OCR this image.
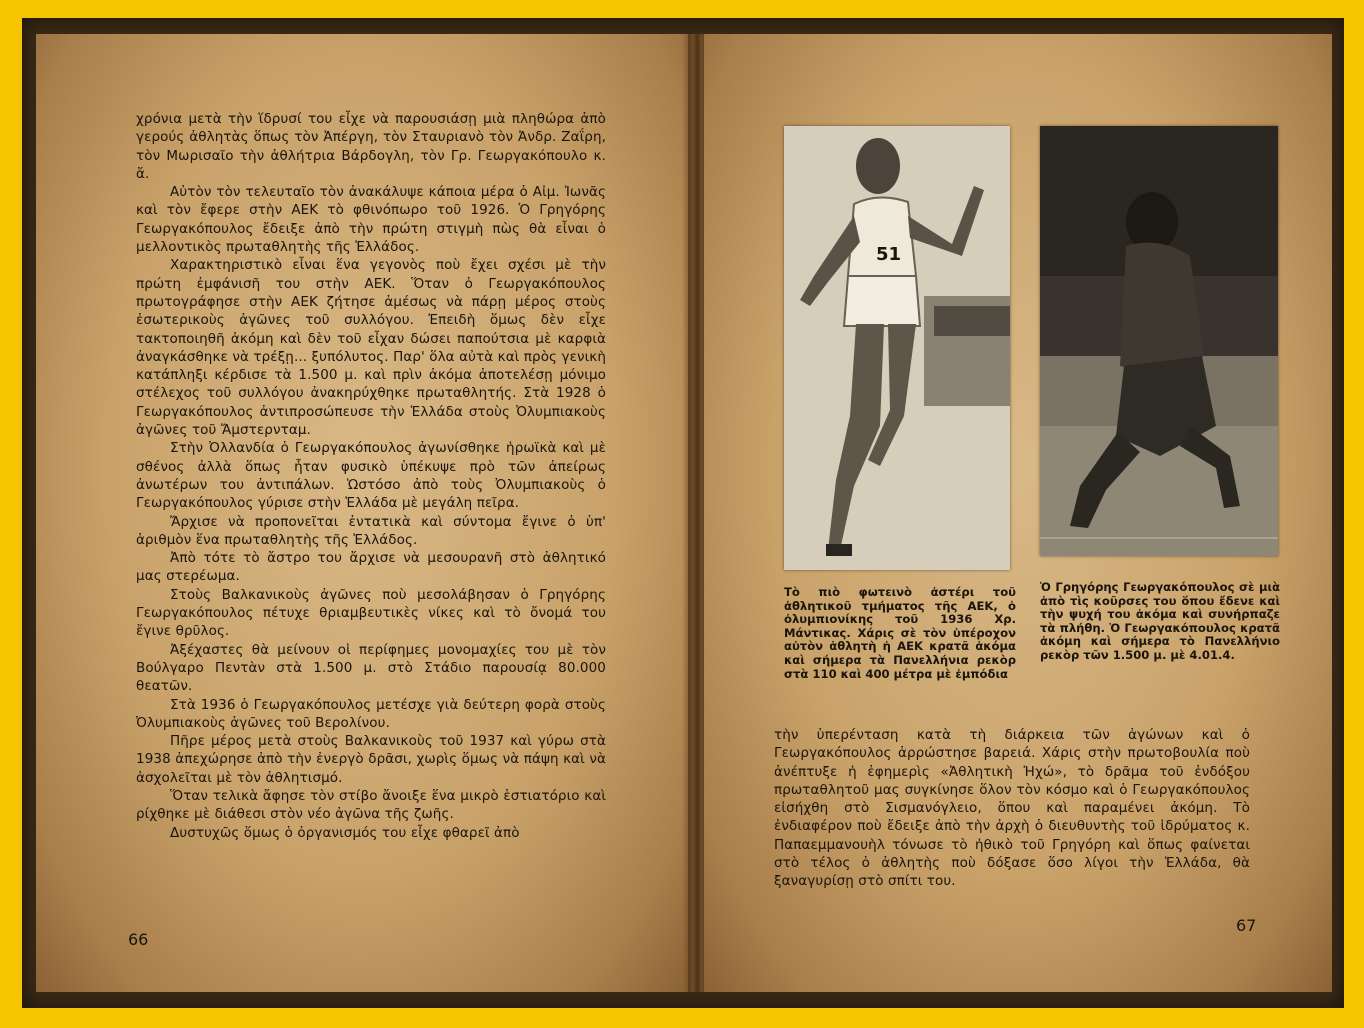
χρόνια μετὰ τὴν ἵδρυσί του εἶχε νὰ παρουσιάσῃ μιὰ πληθώρα ἀπὸ γερούς ἀθλητὰς ὅπως τὸν Ἀπέργη, τὸν Σταυριανὸ τὸν Ἀνδρ. Ζαΐρη, τὸν Μωρισαῖο τὴν ἀθλήτρια Βάρδογλη, τὸν Γρ. Γεωργακόπουλο κ. ἄ.

Αὐτὸν τὸν τελευταῖο τὸν ἀνακάλυψε κάποια μέρα ὁ Αἰμ. Ἰωνᾶς καὶ τὸν ἔφερε στὴν ΑΕΚ τὸ φθινόπωρο τοῦ 1926. Ὁ Γρηγόρης Γεωργακόπουλος ἔδειξε ἀπὸ τὴν πρώτη στιγμὴ πὼς θὰ εἶναι ὁ μελλοντικὸς πρωταθλητὴς τῆς Ἑλλάδος.

Χαρακτηριστικὸ εἶναι ἕνα γεγονὸς ποὺ ἔχει σχέσι μὲ τὴν πρώτη ἐμφάνισῆ του στὴν ΑΕΚ. Ὅταν ὁ Γεωργακόπουλος πρωτογράφησε στὴν ΑΕΚ ζήτησε ἀμέσως νὰ πάρῃ μέρος στοὺς ἐσωτερικοὺς ἀγῶνες τοῦ συλλόγου. Ἐπειδὴ ὅμως δὲν εἶχε τακτοποιηθῆ ἀκόμη καὶ δὲν τοῦ εἶχαν δώσει παπούτσια μὲ καρφιὰ ἀναγκάσθηκε νὰ τρέξῃ... ξυπόλυτος. Παρ' ὅλα αὐτὰ καὶ πρὸς γενικὴ κατάπληξι κέρδισε τὰ 1.500 μ. καὶ πρὶν ἀκόμα ἀποτελέσῃ μόνιμο στέλεχος τοῦ συλλόγου ἀνακηρύχθηκε πρωταθλητής. Στὰ 1928 ὁ Γεωργακόπουλος ἀντιπροσώπευσε τὴν Ἑλλάδα στοὺς Ὀλυμπιακοὺς ἀγῶνες τοῦ Ἄμστερνταμ.

Στὴν Ὀλλανδία ὁ Γεωργακόπουλος ἀγωνίσθηκε ἡρωϊκὰ καὶ μὲ σθένος ἀλλὰ ὅπως ἦταν φυσικὸ ὑπέκυψε πρὸ τῶν ἀπείρως ἀνωτέρων του ἀντιπάλων. Ὡστόσο ἀπὸ τοὺς Ὀλυμπιακοὺς ὁ Γεωργακόπουλος γύρισε στὴν Ἑλλάδα μὲ μεγάλη πεῖρα.

Ἄρχισε νὰ προπονεῖται ἐντατικὰ καὶ σύντομα ἔγινε ὁ ὑπ' ἀριθμὸν ἕνα πρωταθλητὴς τῆς Ἑλλάδος.

Ἀπὸ τότε τὸ ἄστρο του ἄρχισε νὰ μεσουρανῆ στὸ ἀθλητικό μας στερέωμα.

Στοὺς Βαλκανικοὺς ἀγῶνες ποὺ μεσολάβησαν ὁ Γρηγόρης Γεωργακόπουλος πέτυχε θριαμβευτικὲς νίκες καὶ τὸ ὄνομά του ἔγινε θρῦλος.

Ἀξέχαστες θὰ μείνουν οἱ περίφημες μονομαχίες του μὲ τὸν Βούλγαρο Πεντὰν στὰ 1.500 μ. στὸ Στάδιο παρουσίᾳ 80.000 θεατῶν.

Στὰ 1936 ὁ Γεωργακόπουλος μετέσχε γιὰ δεύτερη φορὰ στοὺς Ὀλυμπιακοὺς ἀγῶνες τοῦ Βερολίνου.

Πῆρε μέρος μετὰ στοὺς Βαλκανικοὺς τοῦ 1937 καὶ γύρω στὰ 1938 ἀπεχώρησε ἀπὸ τὴν ἐνεργὸ δρᾶσι, χωρὶς ὅμως νὰ πάψη καὶ νὰ ἀσχολεῖται μὲ τὸν ἀθλητισμό.

Ὅταν τελικὰ ἄφησε τὸν στίβο ἄνοιξε ἕνα μικρὸ ἑστιατόριο καὶ ρίχθηκε μὲ διάθεσι στὸν νέο ἀγῶνα τῆς ζωῆς.

Δυστυχῶς ὅμως ὁ ὀργανισμός του εἶχε φθαρεῖ ἀπὸ

66
51

Τὸ πιὸ φωτεινὸ ἀστέρι τοῦ ἀθλητικοῦ τμήματος τῆς ΑΕΚ, ὁ ὀλυμπιονίκης τοῦ 1936 Χρ. Μάντικας. Χάρις σὲ τὸν ὑπέροχον αὐτὸν ἀθλητὴ ἡ ΑΕΚ κρατᾶ ἀκόμα καὶ σήμερα τὰ Πανελλήνια ρεκὸρ στὰ 110 καὶ 400 μέτρα μὲ ἐμπόδια

Ὁ Γρηγόρης Γεωργακόπουλος σὲ μιὰ ἀπὸ τὶς κοῦρσες του ὅπου ἔδενε καὶ τὴν ψυχή του ἀκόμα καὶ συνήρπαζε τὰ πλήθη. Ὁ Γεωργακόπουλος κρατᾶ ἀκόμη καὶ σήμερα τὸ Πανελλήνιο ρεκὸρ τῶν 1.500 μ. μὲ 4.01.4.

τὴν ὑπερένταση κατὰ τὴ διάρκεια τῶν ἀγώνων καὶ ὁ Γεωργακόπουλος ἀρρώστησε βαρειά. Χάρις στὴν πρωτοβουλία ποὺ ἀνέπτυξε ἡ ἐφημερὶς «Ἀθλητικὴ Ἠχώ», τὸ δρᾶμα τοῦ ἐνδόξου πρωταθλητοῦ μας συγκίνησε ὅλον τὸν κόσμο καὶ ὁ Γεωργακόπουλος εἰσήχθη στὸ Σισμανόγλειο, ὅπου καὶ παραμένει ἀκόμη. Τὸ ἐνδιαφέρον ποὺ ἔδειξε ἀπὸ τὴν ἀρχὴ ὁ διευθυντὴς τοῦ ἱδρύματος κ. Παπαεμμανουὴλ τόνωσε τὸ ἠθικὸ τοῦ Γρηγόρη καὶ ὅπως φαίνεται στὸ τέλος ὁ ἀθλητὴς ποὺ δόξασε ὅσο λίγοι τὴν Ἑλλάδα, θὰ ξαναγυρίσῃ στὸ σπίτι του.

67
